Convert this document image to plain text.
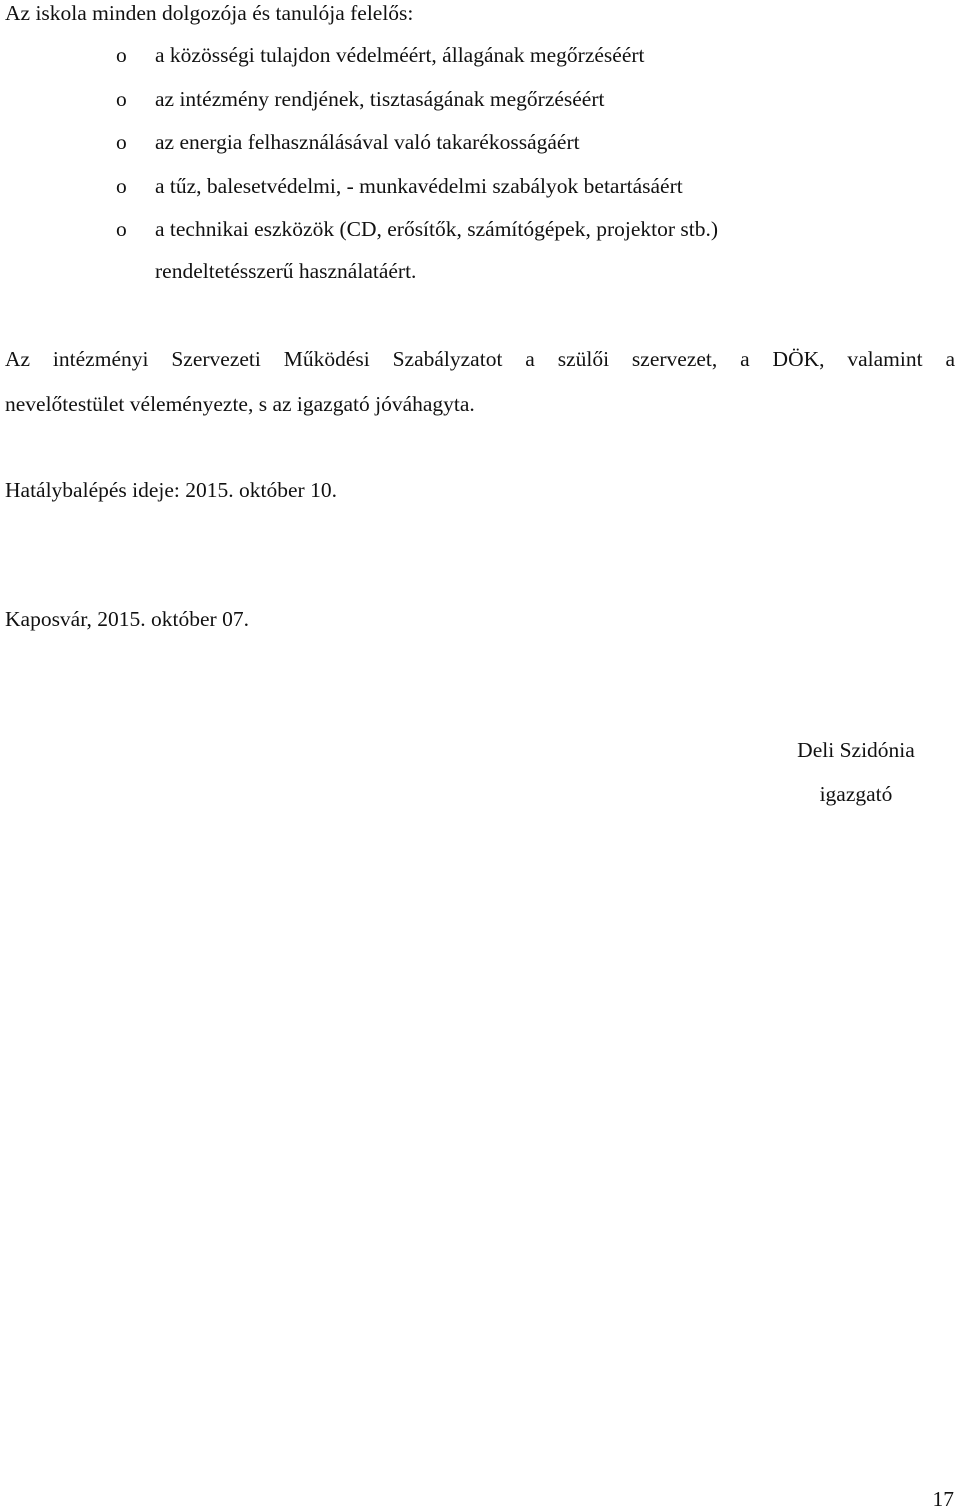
Az iskola minden dolgozója és tanulója felelős:
o a közösségi tulajdon védelméért, állagának megőrzéséért
o az intézmény rendjének, tisztaságának megőrzéséért
o az energia felhasználásával való takarékosságáért
o a tűz, balesetvédelmi, - munkavédelmi szabályok betartásáért
o a technikai eszközök (CD, erősítők, számítógépek, projektor stb.)
rendeltetésszerű használatáért.
Az intézményi Szervezeti Működési Szabályzatot a szülői szervezet, a DÖK, valamint a
nevelőtestület véleményezte, s az igazgató jóváhagyta.
Hatálybalépés ideje: 2015. október 10.
Kaposvár, 2015. október 07.
Deli Szidónia
igazgató
17
